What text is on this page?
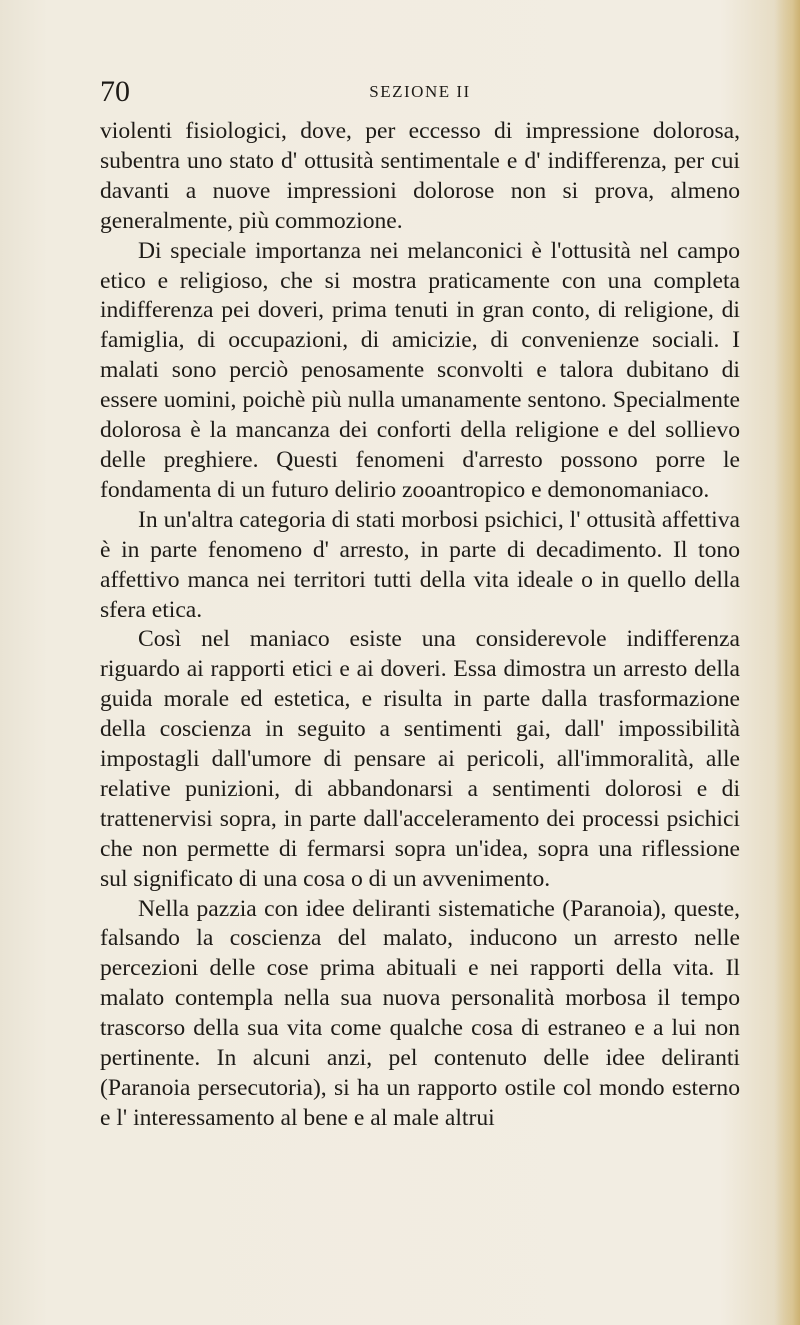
70	SEZIONE II

violenti fisiologici, dove, per eccesso di impressione dolorosa, subentra uno stato d' ottusità sentimentale e d' indifferenza, per cui davanti a nuove impressioni dolorose non si prova, almeno generalmente, più commozione.

Di speciale importanza nei melanconici è l'ottusità nel campo etico e religioso, che si mostra praticamente con una completa indifferenza pei doveri, prima tenuti in gran conto, di religione, di famiglia, di occupazioni, di amicizie, di convenienze sociali. I malati sono perciò penosamente sconvolti e talora dubitano di essere uomini, poichè più nulla umanamente sentono. Specialmente dolorosa è la mancanza dei conforti della religione e del sollievo delle preghiere. Questi fenomeni d'arresto possono porre le fondamenta di un futuro delirio zooantropico e demonomaniaco.

In un'altra categoria di stati morbosi psichici, l' ottusità affettiva è in parte fenomeno d' arresto, in parte di decadimento. Il tono affettivo manca nei territori tutti della vita ideale o in quello della sfera etica.

Così nel maniaco esiste una considerevole indifferenza riguardo ai rapporti etici e ai doveri. Essa dimostra un arresto della guida morale ed estetica, e risulta in parte dalla trasformazione della coscienza in seguito a sentimenti gai, dall' impossibilità impostagli dall'umore di pensare ai pericoli, all'immoralità, alle relative punizioni, di abbandonarsi a sentimenti dolorosi e di trattenervisi sopra, in parte dall'acceleramento dei processi psichici che non permette di fermarsi sopra un'idea, sopra una riflessione sul significato di una cosa o di un avvenimento.

Nella pazzia con idee deliranti sistematiche (Paranoia), queste, falsando la coscienza del malato, inducono un arresto nelle percezioni delle cose prima abituali e nei rapporti della vita. Il malato contempla nella sua nuova personalità morbosa il tempo trascorso della sua vita come qualche cosa di estraneo e a lui non pertinente. In alcuni anzi, pel contenuto delle idee deliranti (Paranoia persecutoria), si ha un rapporto ostile col mondo esterno e l' interessamento al bene e al male altrui
